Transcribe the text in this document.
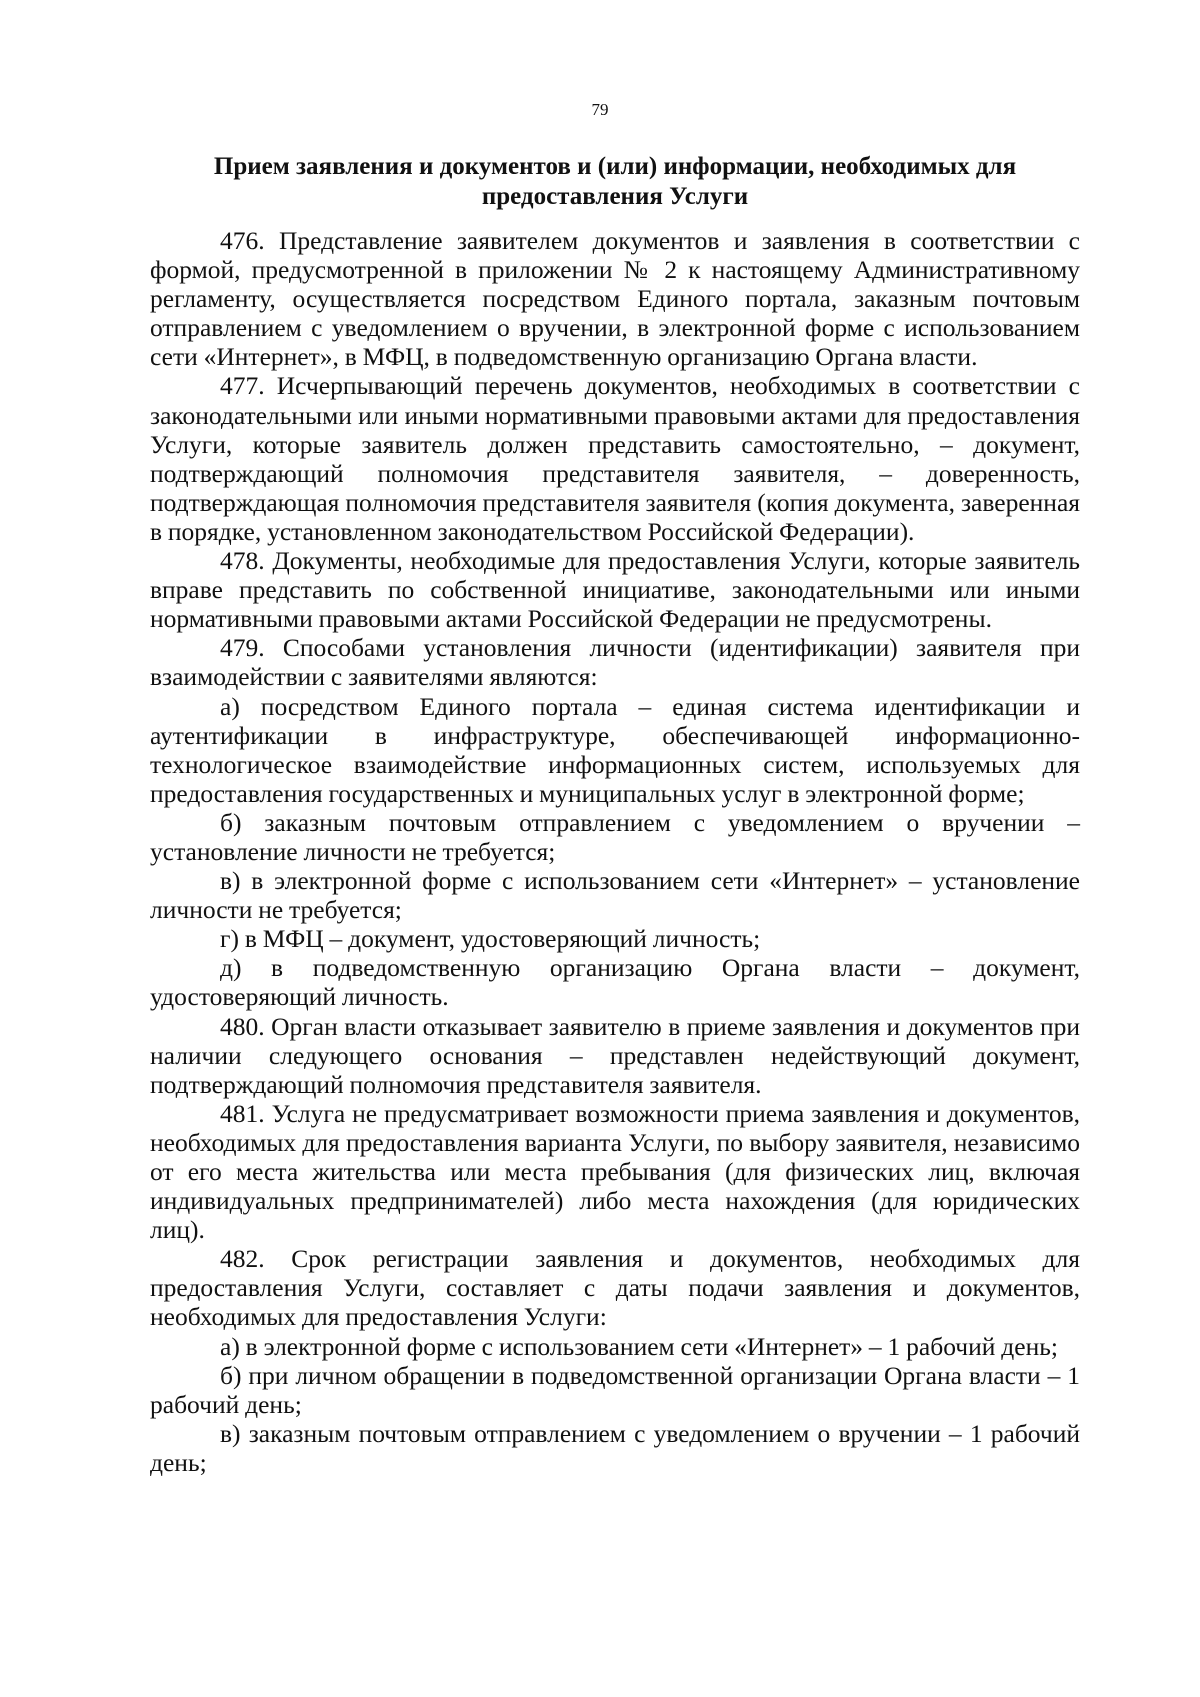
79
Прием заявления и документов и (или) информации, необходимых для предоставления Услуги

476. Представление заявителем документов и заявления в соответствии с формой, предусмотренной в приложении № 2 к настоящему Административному регламенту, осуществляется посредством Единого портала, заказным почтовым отправлением с уведомлением о вручении, в электронной форме с использованием сети «Интернет», в МФЦ, в подведомственную организацию Органа власти.

477. Исчерпывающий перечень документов, необходимых в соответствии с законодательными или иными нормативными правовыми актами для предоставления Услуги, которые заявитель должен представить самостоятельно, – документ, подтверждающий полномочия представителя заявителя, – доверенность, подтверждающая полномочия представителя заявителя (копия документа, заверенная в порядке, установленном законодательством Российской Федерации).

478. Документы, необходимые для предоставления Услуги, которые заявитель вправе представить по собственной инициативе, законодательными или иными нормативными правовыми актами Российской Федерации не предусмотрены.

479. Способами установления личности (идентификации) заявителя при взаимодействии с заявителями являются:

а) посредством Единого портала – единая система идентификации и аутентификации в инфраструктуре, обеспечивающей информационно-технологическое взаимодействие информационных систем, используемых для предоставления государственных и муниципальных услуг в электронной форме;

б) заказным почтовым отправлением с уведомлением о вручении – установление личности не требуется;

в) в электронной форме с использованием сети «Интернет» – установление личности не требуется;

г) в МФЦ – документ, удостоверяющий личность;

д) в подведомственную организацию Органа власти – документ, удостоверяющий личность.

480. Орган власти отказывает заявителю в приеме заявления и документов при наличии следующего основания – представлен недействующий документ, подтверждающий полномочия представителя заявителя.

481. Услуга не предусматривает возможности приема заявления и документов, необходимых для предоставления варианта Услуги, по выбору заявителя, независимо от его места жительства или места пребывания (для физических лиц, включая индивидуальных предпринимателей) либо места нахождения (для юридических лиц).

482. Срок регистрации заявления и документов, необходимых для предоставления Услуги, составляет с даты подачи заявления и документов, необходимых для предоставления Услуги:

а) в электронной форме с использованием сети «Интернет» – 1 рабочий день;

б) при личном обращении в подведомственной организации Органа власти – 1 рабочий день;

в) заказным почтовым отправлением с уведомлением о вручении – 1 рабочий день;
